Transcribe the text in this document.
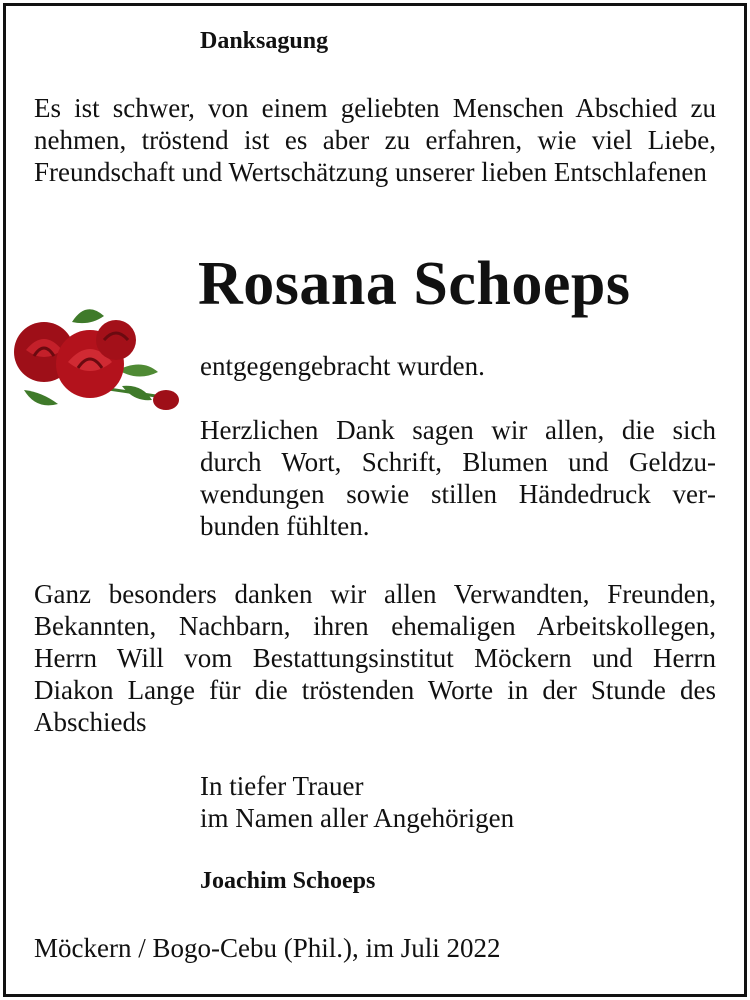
Danksagung

Es ist schwer, von einem geliebten Menschen Abschied zu nehmen, tröstend ist es aber zu erfahren, wie viel Liebe, Freundschaft und Wertschätzung unserer lieben Entschlafenen

Rosana Schoeps

entgegengebracht wurden.

Herzlichen Dank sagen wir allen, die sich durch Wort, Schrift, Blumen und Geldzuwendungen sowie stillen Händedruck verbunden fühlten.

Ganz besonders danken wir allen Verwandten, Freunden, Bekannten, Nachbarn, ihren ehemaligen Arbeitskollegen, Herrn Will vom Bestattungsinstitut Möckern und Herrn Diakon Lange für die tröstenden Worte in der Stunde des Abschieds

In tiefer Trauer

im Namen aller Angehörigen

Joachim Schoeps

Möckern / Bogo-Cebu (Phil.), im Juli 2022
